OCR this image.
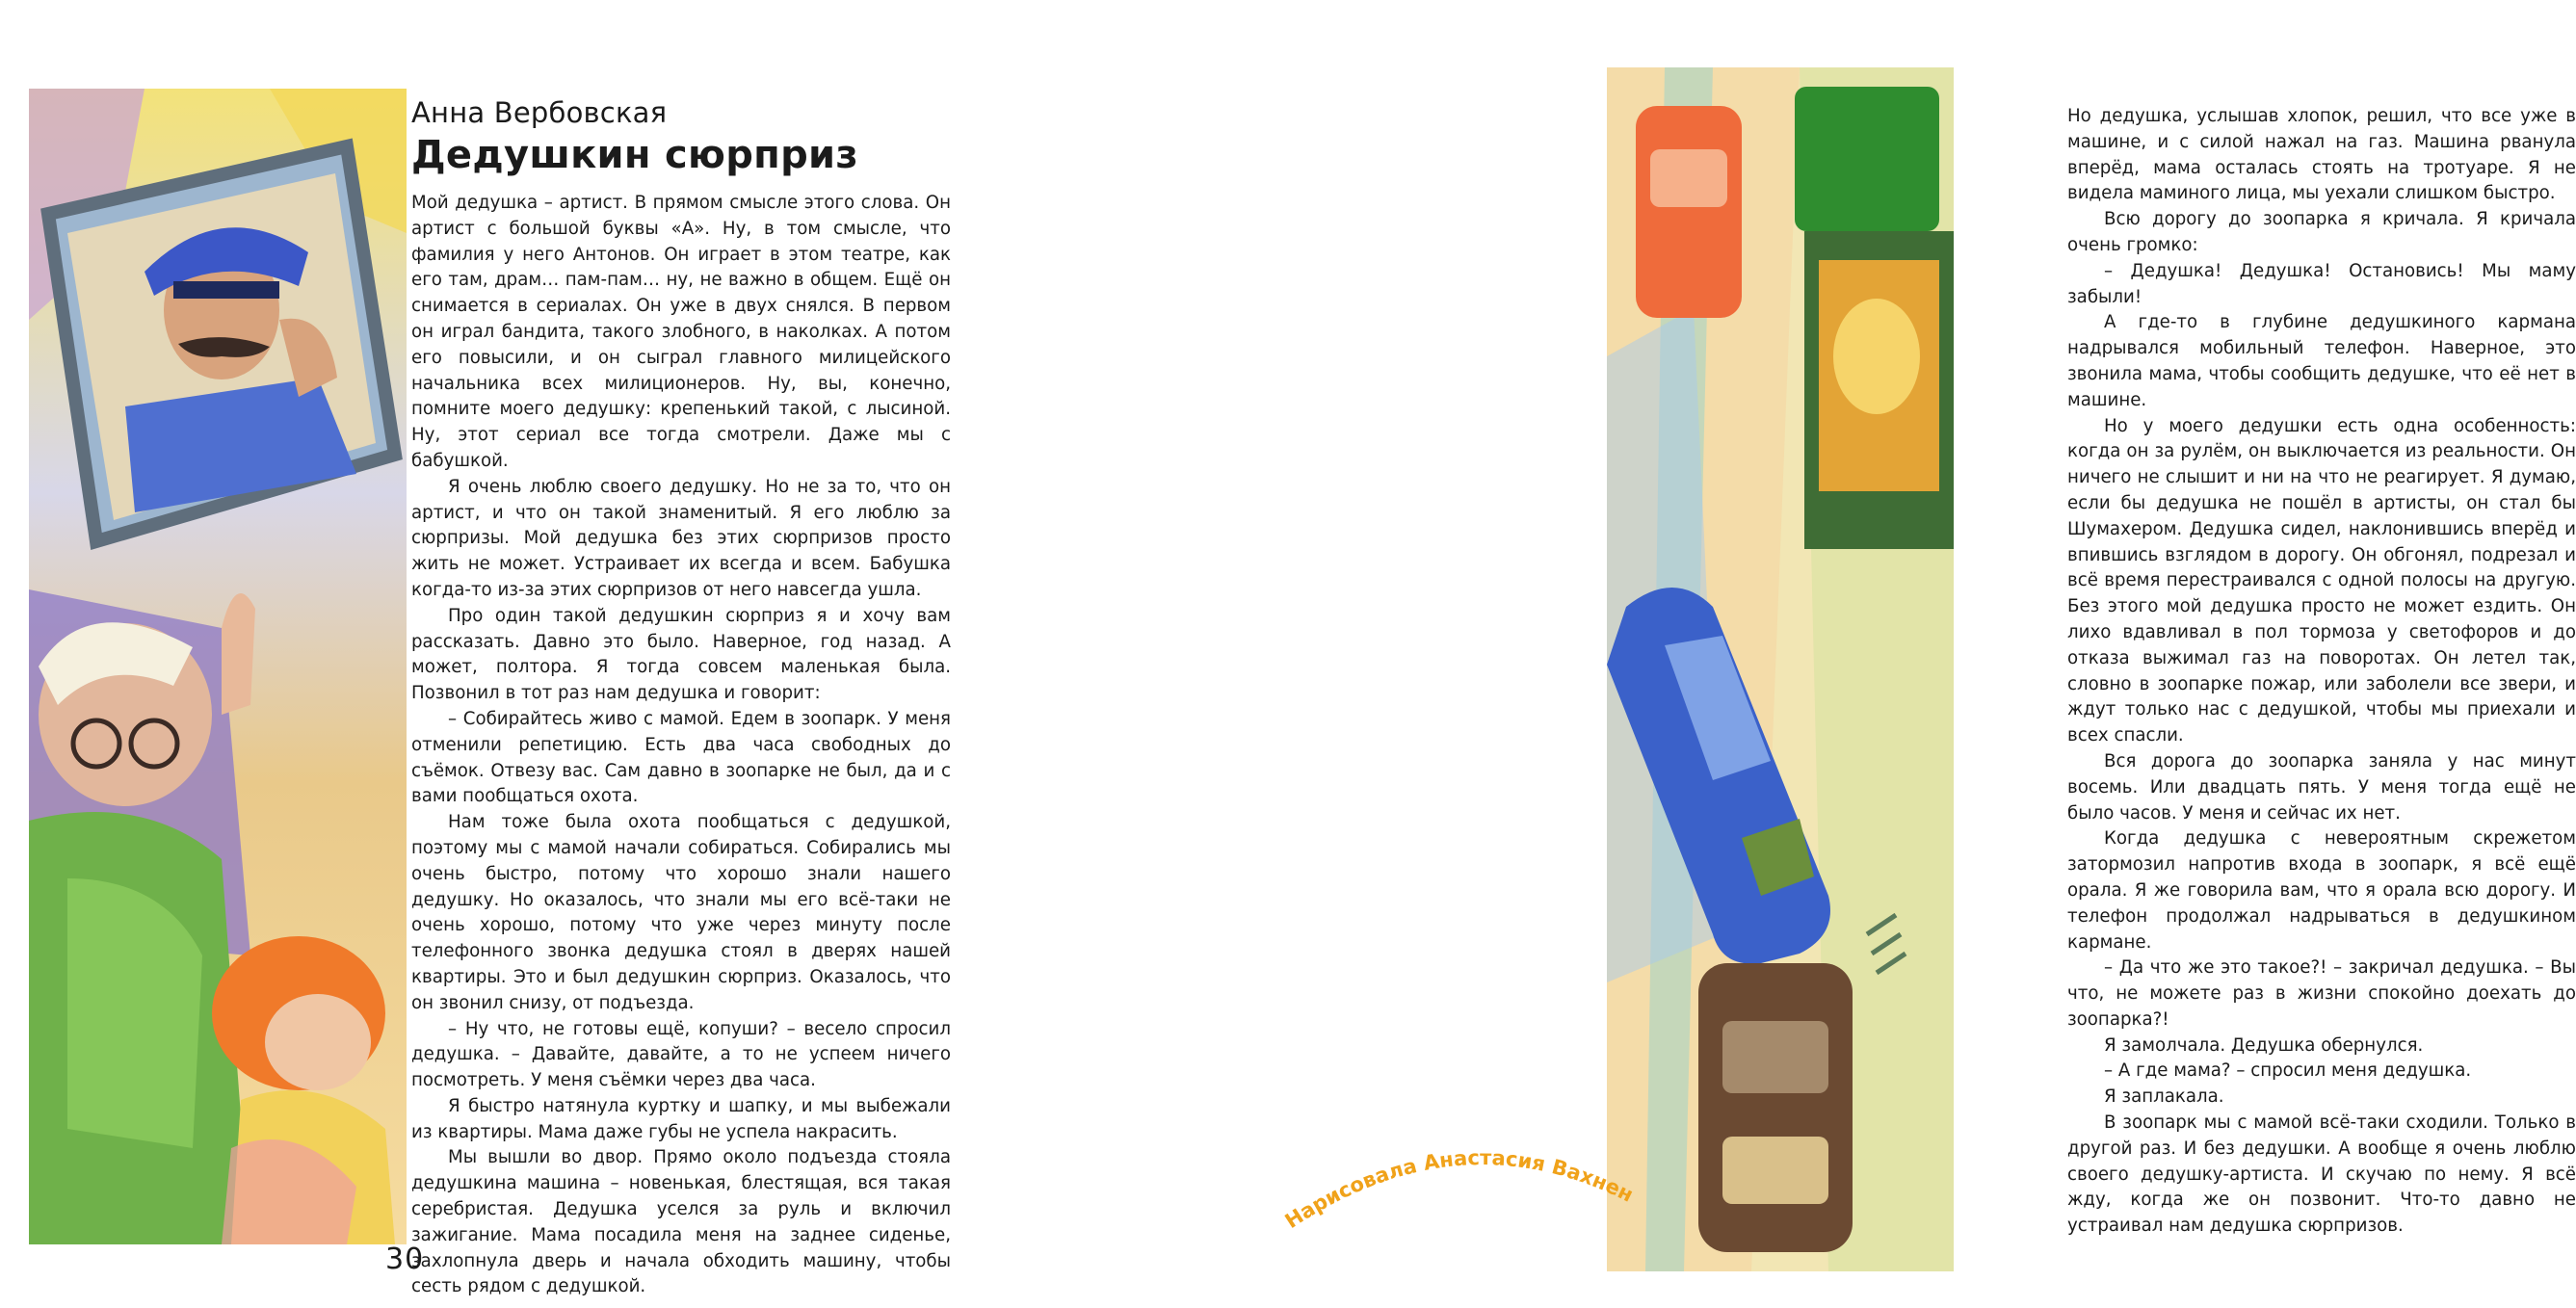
Анна Вербовская
Дедушкин сюрприз

Мой дедушка – артист. В прямом смысле этого слова. Он артист с большой буквы «А». Ну, в том смысле, что фамилия у него Антонов. Он играет в этом театре, как его там, драм… пам-пам… ну, не важно в общем. Ещё он снимается в сериалах. Он уже в двух снялся. В первом он играл бандита, такого злобного, в наколках. А потом его повысили, и он сыграл главного милицейского начальника всех милиционеров. Ну, вы, конечно, помните моего дедушку: крепенький такой, с лысиной. Ну, этот сериал все тогда смотрели. Даже мы с бабушкой.

Я очень люблю своего дедушку. Но не за то, что он артист, и что он такой знаменитый. Я его люблю за сюрпризы. Мой дедушка без этих сюрпризов просто жить не может. Устраивает их всегда и всем. Бабушка когда-то из-за этих сюрпризов от него навсегда ушла.

Про один такой дедушкин сюрприз я и хочу вам рассказать. Давно это было. Наверное, год назад. А может, полтора. Я тогда совсем маленькая была. Позвонил в тот раз нам дедушка и говорит:

– Собирайтесь живо с мамой. Едем в зоопарк. У меня отменили репетицию. Есть два часа свободных до съёмок. Отвезу вас. Сам давно в зоопарке не был, да и с вами пообщаться охота.

Нам тоже была охота пообщаться с дедушкой, поэтому мы с мамой начали собираться. Собирались мы очень быстро, потому что хорошо знали нашего дедушку. Но оказалось, что знали мы его всё-таки не очень хорошо, потому что уже через минуту после телефонного звонка дедушка стоял в дверях нашей квартиры. Это и был дедушкин сюрприз. Оказалось, что он звонил снизу, от подъезда.

– Ну что, не готовы ещё, копуши? – весело спросил дедушка. – Давайте, давайте, а то не успеем ничего посмотреть. У меня съёмки через два часа.

Я быстро натянула куртку и шапку, и мы выбежали из квартиры. Мама даже губы не успела накрасить.

Мы вышли во двор. Прямо около подъезда стояла дедушкина машина – новенькая, блестящая, вся такая серебристая. Дедушка уселся за руль и включил зажигание. Мама посадила меня на заднее сиденье, захлопнула дверь и начала обходить машину, чтобы сесть рядом с дедушкой.

30

Но дедушка, услышав хлопок, решил, что все уже в машине, и с силой нажал на газ. Машина рванула вперёд, мама осталась стоять на тротуаре. Я не видела маминого лица, мы уехали слишком быстро.

Всю дорогу до зоопарка я кричала. Я кричала очень громко:

– Дедушка! Дедушка! Остановись! Мы маму забыли!

А где-то в глубине дедушкиного кармана надрывался мобильный телефон. Наверное, это звонила мама, чтобы сообщить дедушке, что её нет в машине.

Но у моего дедушки есть одна особенность: когда он за рулём, он выключается из реальности. Он ничего не слышит и ни на что не реагирует. Я думаю, если бы дедушка не пошёл в артисты, он стал бы Шумахером. Дедушка сидел, наклонившись вперёд и впившись взглядом в дорогу. Он обгонял, подрезал и всё время перестраивался с одной полосы на другую. Без этого мой дедушка просто не может ездить. Он лихо вдавливал в пол тормоза у светофоров и до отказа выжимал газ на поворотах. Он летел так, словно в зоопарке пожар, или заболели все звери, и ждут только нас с дедушкой, чтобы мы приехали и всех спасли.

Вся дорога до зоопарка заняла у нас минут восемь. Или двадцать пять. У меня тогда ещё не было часов. У меня и сейчас их нет.

Когда дедушка с невероятным скрежетом затормозил напротив входа в зоопарк, я всё ещё орала. Я же говорила вам, что я орала всю дорогу. И телефон продолжал надрываться в дедушкином кармане.

– Да что же это такое?! – закричал дедушка. – Вы что, не можете раз в жизни спокойно доехать до зоопарка?!

Я замолчала. Дедушка обернулся.

– А где мама? – спросил меня дедушка.

Я заплакала.

В зоопарк мы с мамой всё-таки сходили. Только в другой раз. И без дедушки. А вообще я очень люблю своего дедушку-артиста. И скучаю по нему. Я всё жду, когда же он позвонит. Что-то давно не устраивал нам дедушка сюрпризов.

Нарисовала Анастасия Вахнен
